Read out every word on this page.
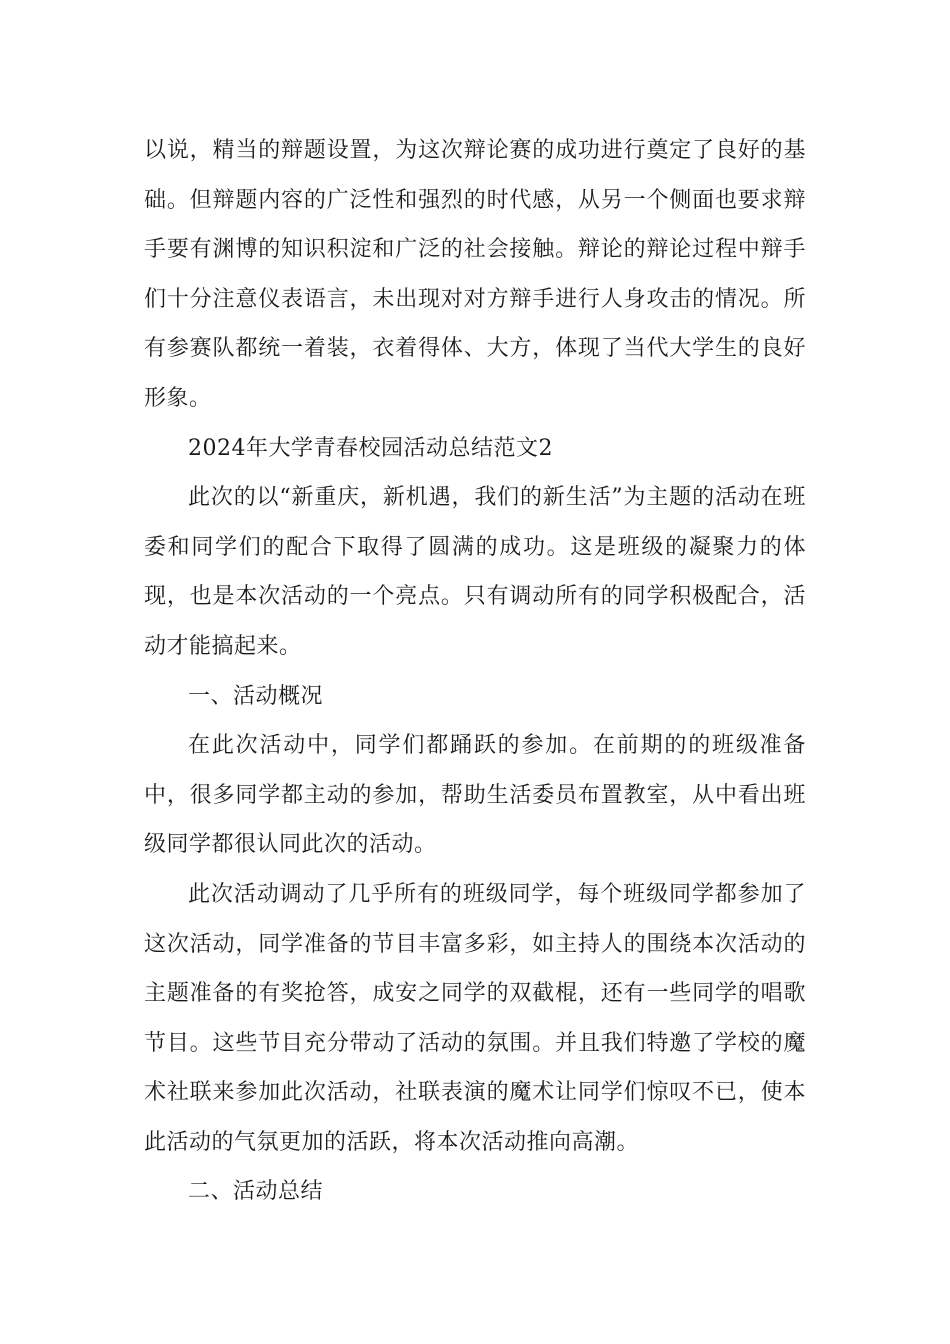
以说，精当的辩题设置，为这次辩论赛的成功进行奠定了良好的基础。但辩题内容的广泛性和强烈的时代感，从另一个侧面也要求辩手要有渊博的知识积淀和广泛的社会接触。辩论的辩论过程中辩手们十分注意仪表语言，未出现对对方辩手进行人身攻击的情况。所有参赛队都统一着装，衣着得体、大方，体现了当代大学生的良好形象。

2024年大学青春校园活动总结范文2

此次的以“新重庆，新机遇，我们的新生活”为主题的活动在班委和同学们的配合下取得了圆满的成功。这是班级的凝聚力的体现，也是本次活动的一个亮点。只有调动所有的同学积极配合，活动才能搞起来。

一、活动概况

在此次活动中，同学们都踊跃的参加。在前期的的班级准备中，很多同学都主动的参加，帮助生活委员布置教室，从中看出班级同学都很认同此次的活动。

此次活动调动了几乎所有的班级同学，每个班级同学都参加了这次活动，同学准备的节目丰富多彩，如主持人的围绕本次活动的主题准备的有奖抢答，成安之同学的双截棍，还有一些同学的唱歌节目。这些节目充分带动了活动的氛围。并且我们特邀了学校的魔术社联来参加此次活动，社联表演的魔术让同学们惊叹不已，使本此活动的气氛更加的活跃，将本次活动推向高潮。

二、活动总结
